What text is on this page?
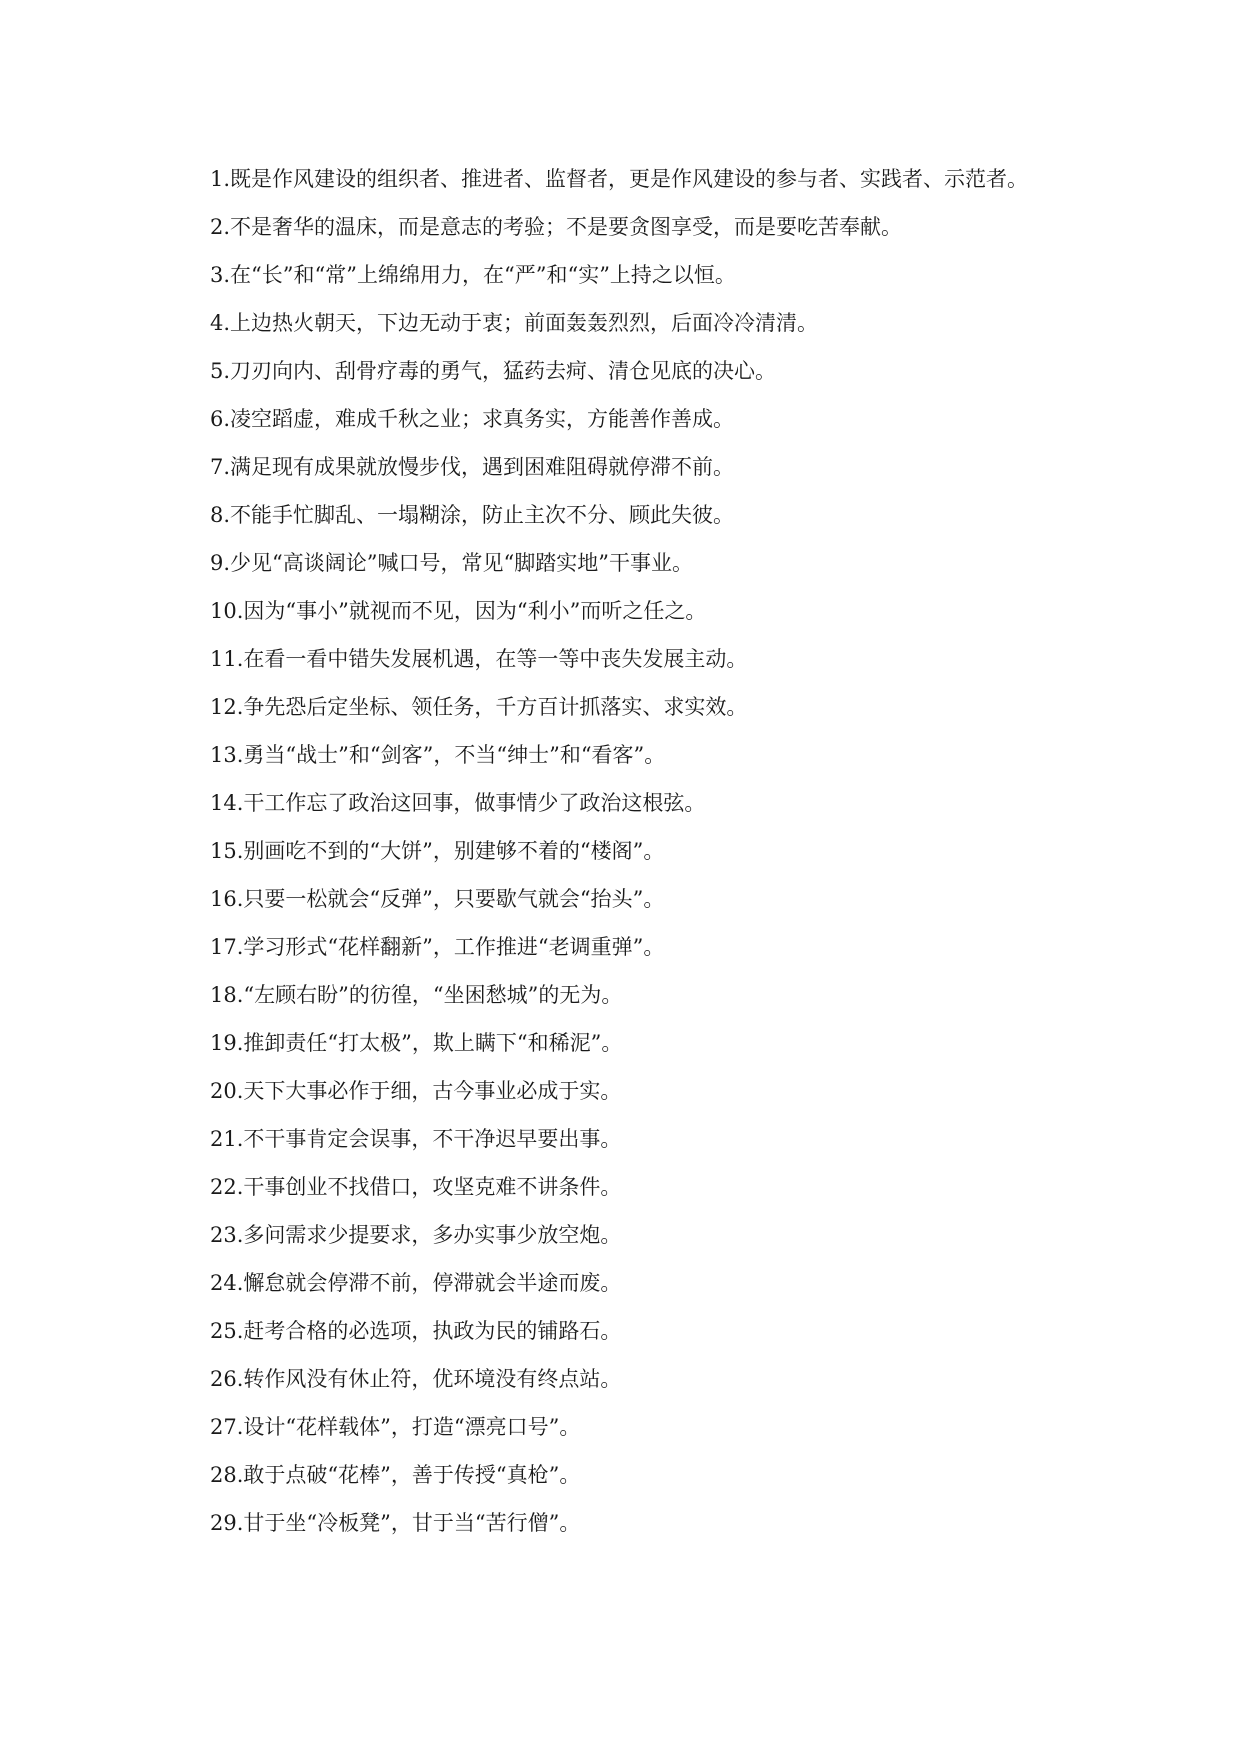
1.既是作风建设的组织者、推进者、监督者，更是作风建设的参与者、实践者、示范者。

2.不是奢华的温床，而是意志的考验；不是要贪图享受，而是要吃苦奉献。

3.在“长”和“常”上绵绵用力，在“严”和“实”上持之以恒。

4.上边热火朝天，下边无动于衷；前面轰轰烈烈，后面冷冷清清。

5.刀刃向内、刮骨疗毒的勇气，猛药去疴、清仓见底的决心。

6.凌空蹈虚，难成千秋之业；求真务实，方能善作善成。

7.满足现有成果就放慢步伐，遇到困难阻碍就停滞不前。

8.不能手忙脚乱、一塌糊涂，防止主次不分、顾此失彼。

9.少见“高谈阔论”喊口号，常见“脚踏实地”干事业。

10.因为“事小”就视而不见，因为“利小”而听之任之。

11.在看一看中错失发展机遇，在等一等中丧失发展主动。

12.争先恐后定坐标、领任务，千方百计抓落实、求实效。

13.勇当“战士”和“剑客”，不当“绅士”和“看客”。

14.干工作忘了政治这回事，做事情少了政治这根弦。

15.别画吃不到的“大饼”，别建够不着的“楼阁”。

16.只要一松就会“反弹”，只要歇气就会“抬头”。

17.学习形式“花样翻新”，工作推进“老调重弹”。

18.“左顾右盼”的彷徨，“坐困愁城”的无为。

19.推卸责任“打太极”，欺上瞒下“和稀泥”。

20.天下大事必作于细，古今事业必成于实。

21.不干事肯定会误事，不干净迟早要出事。

22.干事创业不找借口，攻坚克难不讲条件。

23.多问需求少提要求，多办实事少放空炮。

24.懈怠就会停滞不前，停滞就会半途而废。

25.赶考合格的必选项，执政为民的铺路石。

26.转作风没有休止符，优环境没有终点站。

27.设计“花样载体”，打造“漂亮口号”。

28.敢于点破“花棒”，善于传授“真枪”。

29.甘于坐“冷板凳”，甘于当“苦行僧”。
